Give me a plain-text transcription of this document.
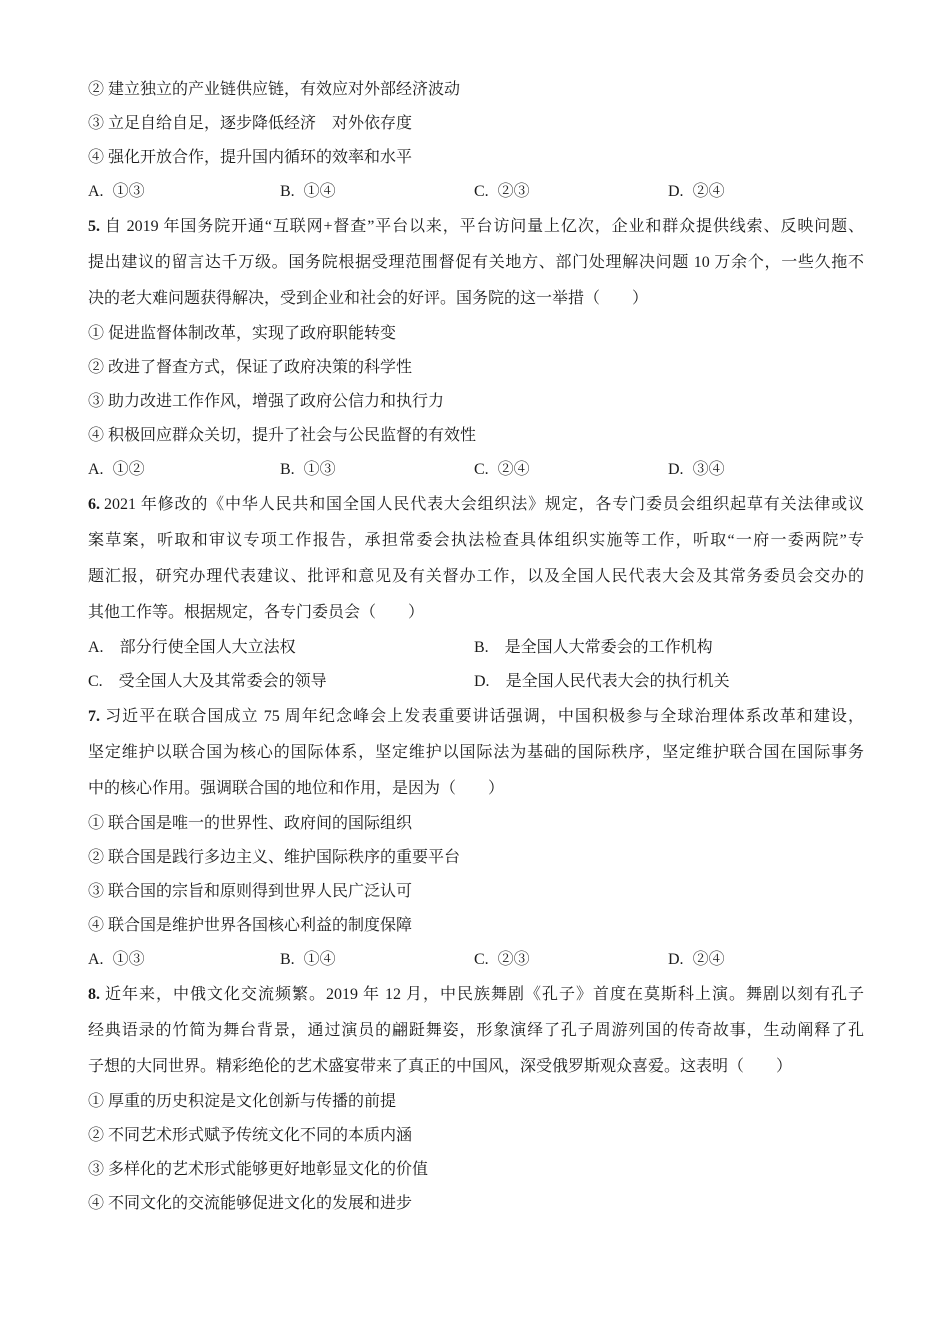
② 建立独立的产业链供应链，有效应对外部经济波动
③ 立足自给自足，逐步降低经济　对外依存度
④ 强化开放合作，提升国内循环的效率和水平
A. ①③	B. ①④	C. ②③	D. ②④
5. 自 2019 年国务院开通“互联网+督查”平台以来，平台访问量上亿次，企业和群众提供线索、反映问题、
提出建议的留言达千万级。国务院根据受理范围督促有关地方、部门处理解决问题 10 万余个，一些久拖不
决的老大难问题获得解决，受到企业和社会的好评。国务院的这一举措（　　）
① 促进监督体制改革，实现了政府职能转变
② 改进了督查方式，保证了政府决策的科学性
③ 助力改进工作作风，增强了政府公信力和执行力
④ 积极回应群众关切，提升了社会与公民监督的有效性
A. ①②	B. ①③	C. ②④	D. ③④
6. 2021 年修改的《中华人民共和国全国人民代表大会组织法》规定，各专门委员会组织起草有关法律或议
案草案，听取和审议专项工作报告，承担常委会执法检查具体组织实施等工作，听取“一府一委两院”专
题汇报，研究办理代表建议、批评和意见及有关督办工作，以及全国人民代表大会及其常务委员会交办的
其他工作等。根据规定，各专门委员会（　　）
A. 部分行使全国人大立法权	B. 是全国人大常委会的工作机构
C. 受全国人大及其常委会的领导	D. 是全国人民代表大会的执行机关
7. 习近平在联合国成立 75 周年纪念峰会上发表重要讲话强调，中国积极参与全球治理体系改革和建设，
坚定维护以联合国为核心的国际体系，坚定维护以国际法为基础的国际秩序，坚定维护联合国在国际事务
中的核心作用。强调联合国的地位和作用，是因为（　　）
① 联合国是唯一的世界性、政府间的国际组织
② 联合国是践行多边主义、维护国际秩序的重要平台
③ 联合国的宗旨和原则得到世界人民广泛认可
④ 联合国是维护世界各国核心利益的制度保障
A. ①③	B. ①④	C. ②③	D. ②④
8. 近年来，中俄文化交流频繁。2019 年 12 月，中民族舞剧《孔子》首度在莫斯科上演。舞剧以刻有孔子
经典语录的竹简为舞台背景，通过演员的翩跹舞姿，形象演绎了孔子周游列国的传奇故事，生动阐释了孔
子想的大同世界。精彩绝伦的艺术盛宴带来了真正的中国风，深受俄罗斯观众喜爱。这表明（　　）
① 厚重的历史积淀是文化创新与传播的前提
② 不同艺术形式赋予传统文化不同的本质内涵
③ 多样化的艺术形式能够更好地彰显文化的价值
④ 不同文化的交流能够促进文化的发展和进步
